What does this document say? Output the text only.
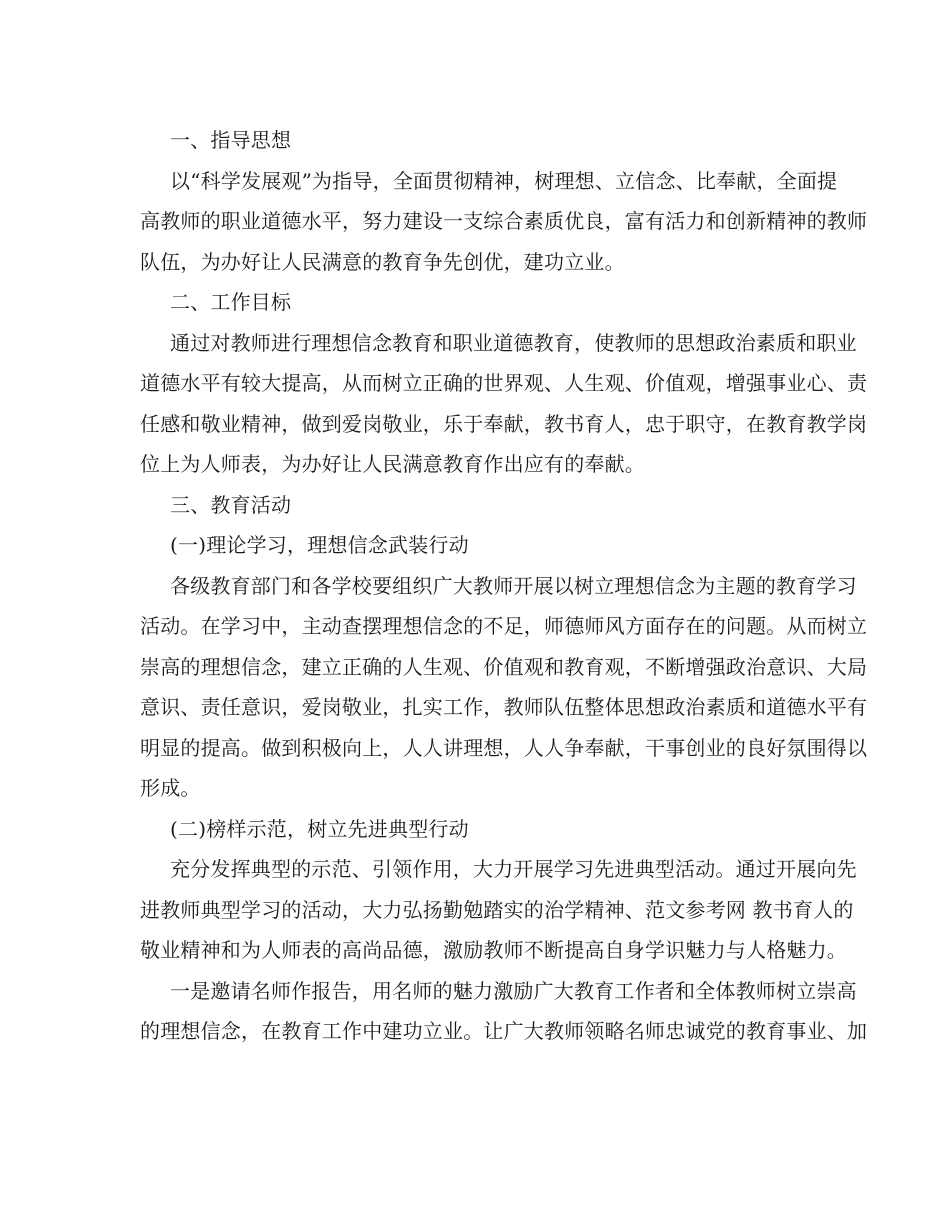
一、指导思想
以“科学发展观”为指导，全面贯彻精神，树理想、立信念、比奉献，全面提
高教师的职业道德水平，努力建设一支综合素质优良，富有活力和创新精神的教师
队伍，为办好让人民满意的教育争先创优，建功立业。
二、工作目标
通过对教师进行理想信念教育和职业道德教育，使教师的思想政治素质和职业
道德水平有较大提高，从而树立正确的世界观、人生观、价值观，增强事业心、责
任感和敬业精神，做到爱岗敬业，乐于奉献，教书育人，忠于职守，在教育教学岗
位上为人师表，为办好让人民满意教育作出应有的奉献。
三、教育活动
(一)理论学习，理想信念武装行动
各级教育部门和各学校要组织广大教师开展以树立理想信念为主题的教育学习
活动。在学习中，主动查摆理想信念的不足，师德师风方面存在的问题。从而树立
崇高的理想信念，建立正确的人生观、价值观和教育观，不断增强政治意识、大局
意识、责任意识，爱岗敬业，扎实工作，教师队伍整体思想政治素质和道德水平有
明显的提高。做到积极向上，人人讲理想，人人争奉献，干事创业的良好氛围得以
形成。
(二)榜样示范，树立先进典型行动
充分发挥典型的示范、引领作用，大力开展学习先进典型活动。通过开展向先
进教师典型学习的活动，大力弘扬勤勉踏实的治学精神、范文参考网 教书育人的
敬业精神和为人师表的高尚品德，激励教师不断提高自身学识魅力与人格魅力。
一是邀请名师作报告，用名师的魅力激励广大教育工作者和全体教师树立崇高
的理想信念，在教育工作中建功立业。让广大教师领略名师忠诚党的教育事业、加
